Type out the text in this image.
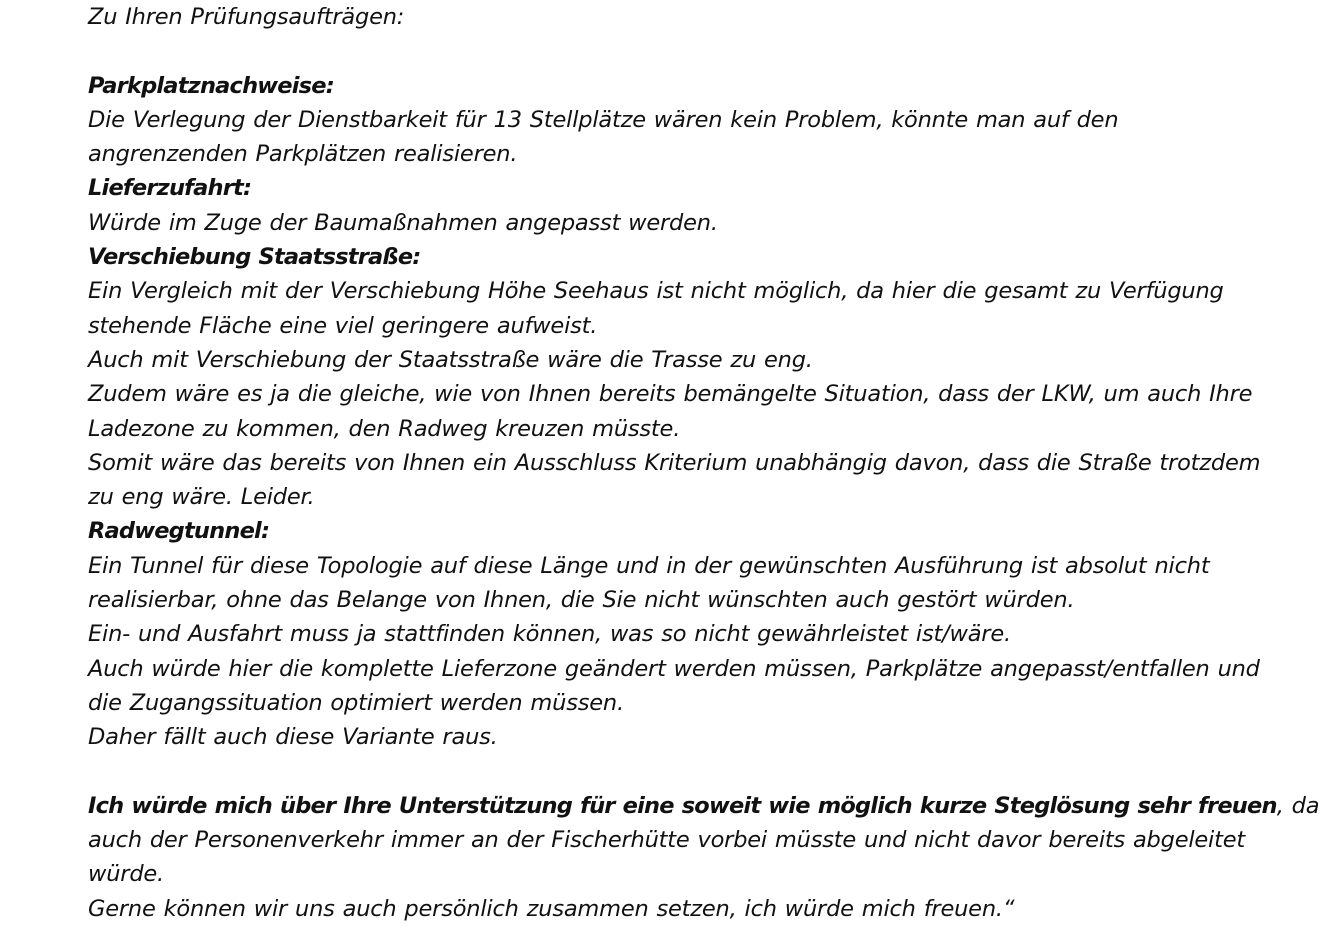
Zu Ihren Prüfungsaufträgen:

Parkplatznachweise:

Die Verlegung der Dienstbarkeit für 13 Stellplätze wären kein Problem, könnte man auf den

angrenzenden Parkplätzen realisieren.

Lieferzufahrt:

Würde im Zuge der Baumaßnahmen angepasst werden.

Verschiebung Staatsstraße:

Ein Vergleich mit der Verschiebung Höhe Seehaus ist nicht möglich, da hier die gesamt zu Verfügung

stehende Fläche eine viel geringere aufweist.

Auch mit Verschiebung der Staatsstraße wäre die Trasse zu eng.

Zudem wäre es ja die gleiche, wie von Ihnen bereits bemängelte Situation, dass der LKW, um auch Ihre

Ladezone zu kommen, den Radweg kreuzen müsste.

Somit wäre das bereits von Ihnen ein Ausschluss Kriterium unabhängig davon, dass die Straße trotzdem

zu eng wäre. Leider.

Radwegtunnel:

Ein Tunnel für diese Topologie auf diese Länge und in der gewünschten Ausführung ist absolut nicht

realisierbar, ohne das Belange von Ihnen, die Sie nicht wünschten auch gestört würden.

Ein- und Ausfahrt muss ja stattfinden können, was so nicht gewährleistet ist/wäre.

Auch würde hier die komplette Lieferzone geändert werden müssen, Parkplätze angepasst/entfallen und

die Zugangssituation optimiert werden müssen.

Daher fällt auch diese Variante raus.

Ich würde mich über Ihre Unterstützung für eine soweit wie möglich kurze Steglösung sehr freuen, da

auch der Personenverkehr immer an der Fischerhütte vorbei müsste und nicht davor bereits abgeleitet

würde.

Gerne können wir uns auch persönlich zusammen setzen, ich würde mich freuen.“
